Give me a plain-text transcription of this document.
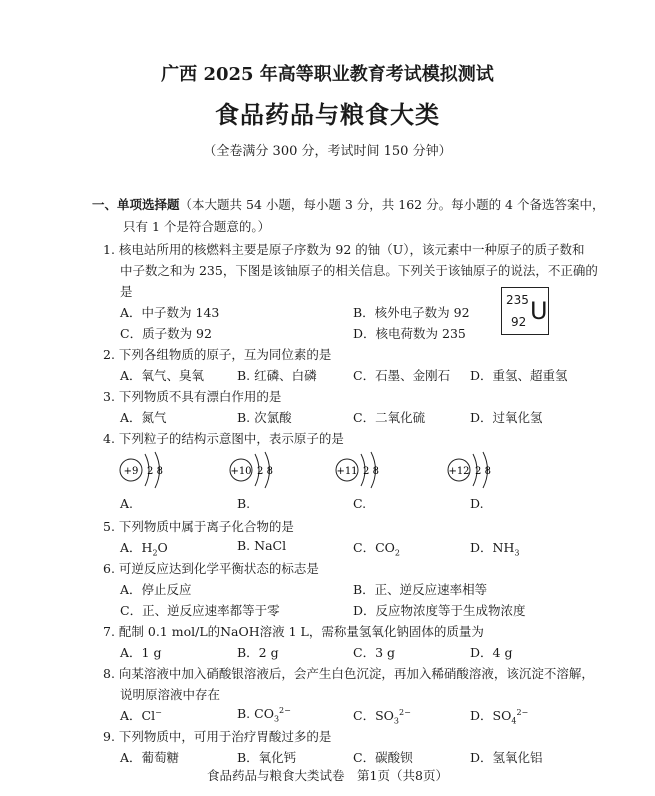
广西 2025 年高等职业教育考试模拟测试
食品药品与粮食大类
（全卷满分 300 分，考试时间 150 分钟）
一、单项选择题（本大题共 54 小题，每小题 3 分，共 162 分。每小题的 4 个备选答案中，
只有 1 个是符合题意的。）
1. 核电站所用的核燃料主要是原子序数为 92 的铀（U），该元素中一种原子的质子数和
中子数之和为 235，下图是该铀原子的相关信息。下列关于该铀原子的说法，不正确的
是
A．中子数为 143	B．核外电子数为 92
C．质子数为 92	D．核电荷数为 235
235
92 U
2. 下列各组物质的原子，互为同位素的是
A．氧气、臭氧	B. 红磷、白磷	C．石墨、金刚石 D．重氢、超重氢
3. 下列物质不具有漂白作用的是
A．氮气	B. 次氯酸	C．二氧化硫	D．过氧化氢
4. 下列粒子的结构示意图中，表示原子的是
+9 2 8	+10 2 8	+11 2 8	+12 2 8
A.	B.	C.	D.
5. 下列物质中属于离子化合物的是
A．$H_2O$	B. NaCl	C．$CO_2$	D．$NH_3$
6. 可逆反应达到化学平衡状态的标志是
A．停止反应	B．正、逆反应速率相等
C．正、逆反应速率都等于零	D．反应物浓度等于生成物浓度
7. 配制 0.1 mol/L的NaOH溶液 1 L，需称量氢氧化钠固体的质量为
A．1 g	B．2 g	C．3 g	D．4 g
8. 向某溶液中加入硝酸银溶液后，会产生白色沉淀，再加入稀硝酸溶液，该沉淀不溶解，
说明原溶液中存在
A．Cl−	B. $CO_3^{2-}$	C．$SO_3^{2-}$	D．$SO_4^{2-}$
9. 下列物质中，可用于治疗胃酸过多的是
A．葡萄糖	B．氧化钙	C．碳酸钡	D．氢氧化铝
食品药品与粮食大类试卷　第1页（共8页）
